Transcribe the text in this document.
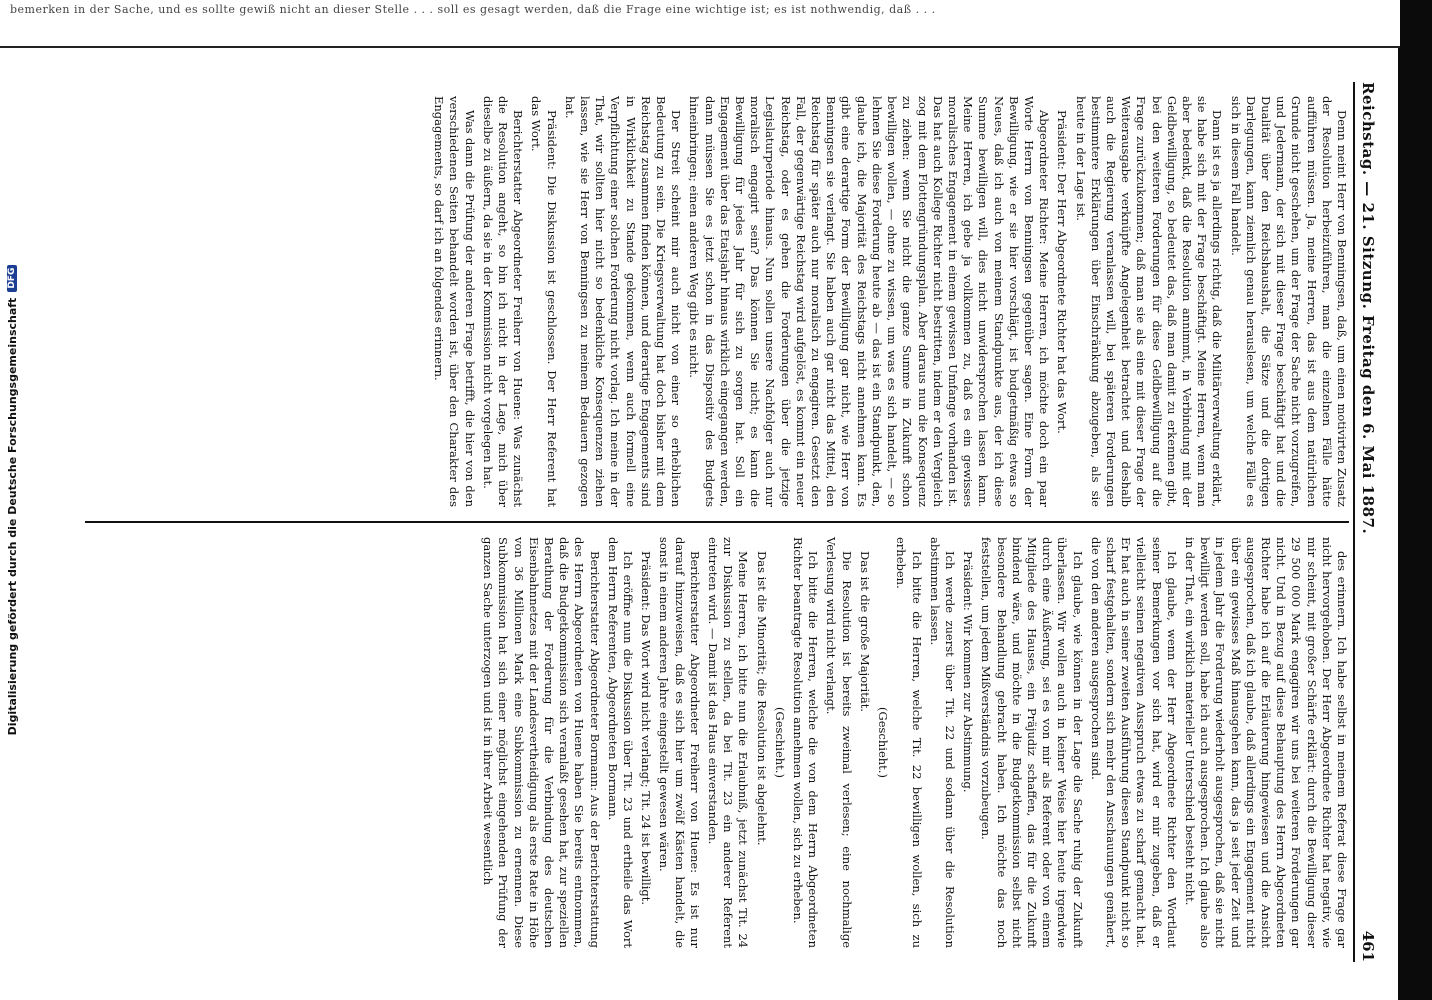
bemerken in der Sache, und es sollte gewiß nicht an dieser Stelle . . . soll es gesagt werden, daß die Frage eine wichtige ist; es ist nothwendig, daß . . .
Digitalisierung gefördert durch die Deutsche Forschungsgemeinschaft
DFG	Reichstag. — 21. Sitzung. Freitag den 6. Mai 1887.
461

Denn meint Herr von Benningsen, daß, um einen motivirten Zusatz der Resolution herbeizuführen, man die einzelnen Fälle hätte aufführen müssen. Ja, meine Herren, das ist aus dem natürlichen Grunde nicht geschehen, um der Frage der Sache nicht vorzugreifen, und Jedermann, der sich mit dieser Frage beschäftigt hat und die Dualität über den Reichshaushalt, die Sätze und die dortigen Darlegungen, kann ziemlich genau herauslesen, um welche Fälle es sich in diesem Fall handelt.

Dann ist es ja allerdings richtig, daß die Militärverwaltung erklärt, sie habe sich mit der Frage beschäftigt. Meine Herren, wenn man aber bedenkt, daß die Resolution annimmt, in Verbindung mit der Geldbewilligung, so bedeutet das, daß man damit zu erkennen gibt, bei den weiteren Forderungen für diese Geldbewilligung auf die Frage zurückzukommen; daß man sie als eine mit dieser Frage der Weiterausgabe verknüpfte Angelegenheit betrachtet und deshalb auch die Regierung veranlassen will, bei späteren Forderungen bestimmtere Erklärungen über Einschränkung abzugeben, als sie heute in der Lage ist.

Präsident: Der Herr Abgeordnete Richter hat das Wort.

Abgeordneter Richter: Meine Herren, ich möchte doch ein paar Worte Herrn von Benningsen gegenüber sagen. Eine Form der Bewilligung, wie er sie hier vorschlägt, ist budgetmäßig etwas so Neues, daß ich auch von meinem Standpunkte aus, der ich diese Summe bewilligen will, dies nicht unwidersprochen lassen kann. Meine Herren, ich gebe ja vollkommen zu, daß es ein gewisses moralisches Engagement in einem gewissen Umfange vorhanden ist. Das hat auch Kollege Richter nicht bestritten, indem er den Vergleich zog mit dem Flottengründungsplan. Aber daraus nun die Konsequenz zu ziehen: wenn Sie nicht die ganze Summe in Zukunft schon bewilligen wollen, — ohne zu wissen, um was es sich handelt, — so lehnen Sie diese Forderung heute ab — das ist ein Standpunkt, den, glaube ich, die Majorität des Reichstags nicht annehmen kann. Es gibt eine derartige Form der Bewilligung gar nicht, wie Herr von Benningsen sie verlangt. Sie haben auch gar nicht das Mittel, den Reichstag für später auch nur moralisch zu engagiren. Gesetzt den Fall, der gegenwärtige Reichstag wird aufgelöst, es kommt ein neuer Reichstag, oder es gehen die Forderungen über die jetzige Legislaturperiode hinaus. Nun sollen unsere Nachfolger auch nur moralisch engagirt sein? Das können Sie nicht; es kann die Bewilligung für jedes Jahr für sich zu sorgen hat. Soll ein Engagement über das Etatsjahr hinaus wirklich eingegangen werden, dann müssen Sie es jetzt schon in das Dispositiv des Budgets hineinbringen; einen anderen Weg gibt es nicht.

Der Streit scheint mir auch nicht von einer so erheblichen Bedeutung zu sein. Die Kriegsverwaltung hat doch bisher mit dem Reichstag zusammen finden können, und derartige Engagements sind in Wirklichkeit zu Stande gekommen, wenn auch formell eine Verpflichtung einer solchen Forderung nicht vorlag. Ich meine in der That, wir sollten hier nicht so bedenkliche Konsequenzen ziehen lassen, wie sie Herr von Benningsen zu meinem Bedauern gezogen hat.

Präsident: Die Diskussion ist geschlossen. Der Herr Referent hat das Wort.

Berichterstatter Abgeordneter Freiherr von Huene: Was zunächst die Resolution angeht, so bin ich nicht in der Lage, mich über dieselbe zu äußern, da sie in der Kommission nicht vorgelegen hat.

Was dann die Prüfung der anderen Frage betrifft, die hier von den verschiedenen Seiten behandelt worden ist, über den Charakter des Engagements, so darf ich an folgendes erinnern.

des erinnern. Ich habe selbst in meinem Referat diese Frage gar nicht hervorgehoben. Der Herr Abgeordnete Richter hat negativ, wie mir scheint, mit großer Schärfe erklärt: durch die Bewilligung dieser 29 500 000 Mark engagiren wir uns bei weiteren Forderungen gar nicht. Und in Bezug auf diese Behauptung des Herrn Abgeordneten Richter habe ich auf die Erläuterung hingewiesen und die Ansicht ausgesprochen, daß ich glaube, daß allerdings ein Engagement nicht über ein gewisses Maß hinausgehen kann, das ja seit jeder Zeit und in jedem Jahr die Forderung wiederholt ausgesprochen, daß sie nicht bewilligt werden soll, habe ich auch ausgesprochen. Ich glaube also in der That, ein wirklich materieller Unterschied besteht nicht.

Ich glaube, wenn der Herr Abgeordnete Richter den Wortlaut seiner Bemerkungen vor sich hat, wird er mir zugeben, daß er vielleicht seinen negativen Ausspruch etwas zu scharf gemacht hat. Er hat auch in seiner zweiten Ausführung diesen Standpunkt nicht so scharf festgehalten, sondern sich mehr den Anschauungen genähert, die von den anderen ausgesprochen sind.

Ich glaube, wie können in der Lage die Sache ruhig der Zukunft überlassen. Wir wollen auch in keiner Weise hier heute irgendwie durch eine Äußerung, sei es von mir als Referent oder von einem Mitgliede des Hauses, ein Präjudiz schaffen, das für die Zukunft bindend wäre, und möchte in die Budgetkommission selbst nicht besondere Behandlung gebracht haben. Ich möchte das noch feststellen, um jedem Mißverständnis vorzubeugen.

Präsident: Wir kommen zur Abstimmung.

Ich werde zuerst über Tit. 22 und sodann über die Resolution abstimmen lassen.

Ich bitte die Herren, welche Tit. 22 bewilligen wollen, sich zu erheben.

(Geschieht.)

Das ist die große Majorität.

Die Resolution ist bereits zweimal verlesen; eine nochmalige Verlesung wird nicht verlangt.

Ich bitte die Herren, welche die von dem Herrn Abgeordneten Richter beantragte Resolution annehmen wollen, sich zu erheben.

(Geschieht.)

Das ist die Minorität; die Resolution ist abgelehnt.

Meine Herren, ich bitte nun die Erlaubniß, jetzt zunächst Tit. 24 zur Diskussion zu stellen, da bei Tit. 23 ein anderer Referent eintreten wird. — Damit ist das Haus einverstanden.

Berichterstatter Abgeordneter Freiherr von Huene: Es ist nur darauf hinzuweisen, daß es sich hier um zwölf Kästen handelt, die sonst in einem anderen Jahre eingestellt gewesen wären.

Präsident: Das Wort wird nicht verlangt; Tit. 24 ist bewilligt.

Ich eröffne nun die Diskussion über Tit. 23 und ertheile das Wort dem Herrn Referenten, Abgeordneten Bormann.

Berichterstatter Abgeordneter Bormann: Aus der Berichterstattung des Herrn Abgeordneten von Huene haben Sie bereits entnommen, daß die Budgetkommission sich veranlaßt gesehen hat, zur speziellen Berathung der Forderung für die Verbindung des deutschen Eisenbahnnetzes mit der Landesvertheidigung als erste Rate in Höhe von 36 Millionen Mark eine Subkommission zu ernennen. Diese Subkommission hat sich einer möglichst eingehenden Prüfung der ganzen Sache unterzogen und ist in ihrer Arbeit wesentlich
